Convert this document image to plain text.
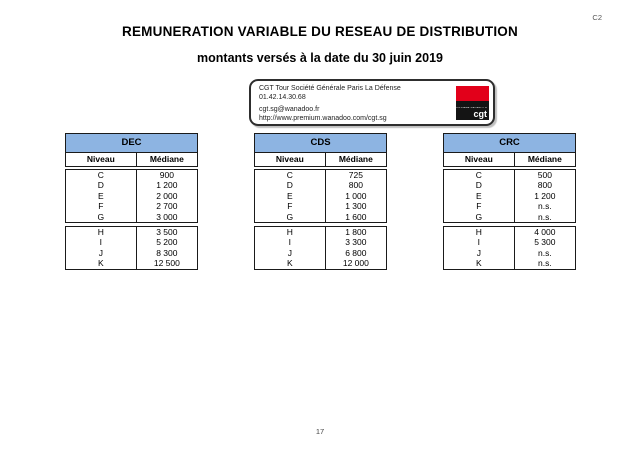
C2
REMUNERATION VARIABLE DU RESEAU DE DISTRIBUTION
montants versés à la date du 30 juin 2019
CGT Tour Société Générale Paris La Défense
01.42.14.30.68
cgt.sg@wanadoo.fr
http://www.premium.wanadoo.com/cgt.sg	cgt
DEC
Niveau	Médiane
C	900
D	1 200
E	2 000
F	2 700
G	3 000
H	3 500
I	5 200
J	8 300
K	12 500
CDS
Niveau	Médiane
C	725
D	800
E	1 000
F	1 300
G	1 600
H	1 800
I	3 300
J	6 800
K	12 000
CRC
Niveau	Médiane
C	500
D	800
E	1 200
F	n.s.
G	n.s.
H	4 000
I	5 300
J	n.s.
K	n.s.
17
